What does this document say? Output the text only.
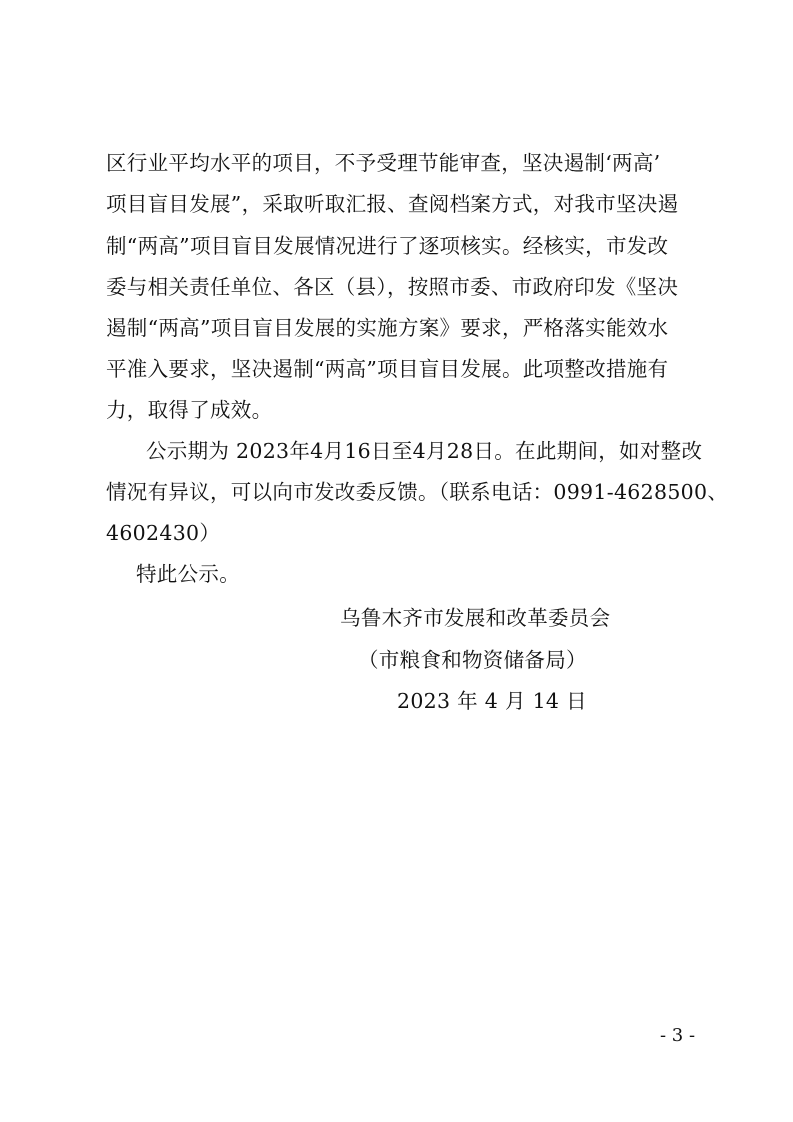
区行业平均水平的项目，不予受理节能审查，坚决遏制‘两高’
项目盲目发展”，采取听取汇报、查阅档案方式，对我市坚决遏
制“两高”项目盲目发展情况进行了逐项核实。经核实，市发改
委与相关责任单位、各区（县），按照市委、市政府印发《坚决
遏制“两高”项目盲目发展的实施方案》要求，严格落实能效水
平准入要求，坚决遏制“两高”项目盲目发展。此项整改措施有
力，取得了成效。
公示期为 2023年4月16日至4月28日。在此期间，如对整改
情况有异议，可以向市发改委反馈。（联系电话：0991-4628500、
4602430）
特此公示。
乌鲁木齐市发展和改革委员会
（市粮食和物资储备局）
2023 年 4 月 14 日
- 3 -
